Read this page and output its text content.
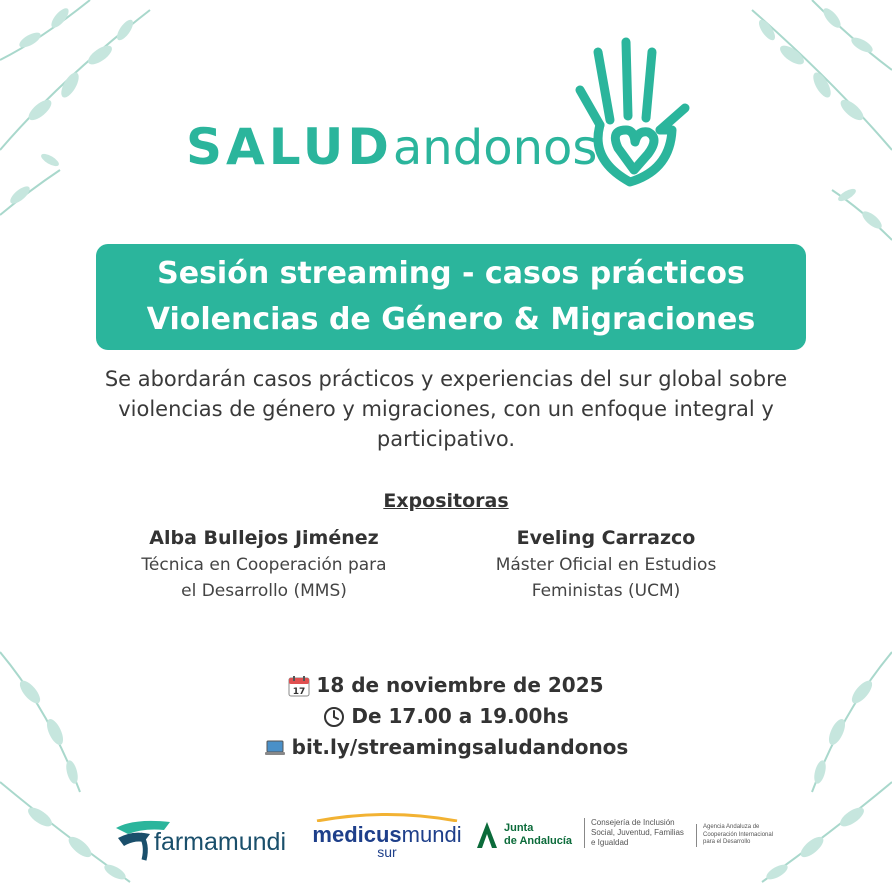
SALUD andonos
Sesión streaming - casos prácticos
Violencias de Género & Migraciones

Se abordarán casos prácticos y experiencias del sur global sobre violencias de género y migraciones, con un enfoque integral y participativo.

Expositoras
Alba Bullejos Jiménez
Técnica en Cooperación para
el Desarrollo (MMS)
Eveling Carrazco
Máster Oficial en Estudios
Feministas (UCM)
17 18 de noviembre de 2025
De 17.00 a 19.00hs
bit.ly/streamingsaludandonos
farmamundi medicusmundi
sur
Junta
de Andalucía
Consejería de Inclusión
Social, Juventud, Familias
e Igualdad
Agencia Andaluza de
Cooperación Internacional
para el Desarrollo
